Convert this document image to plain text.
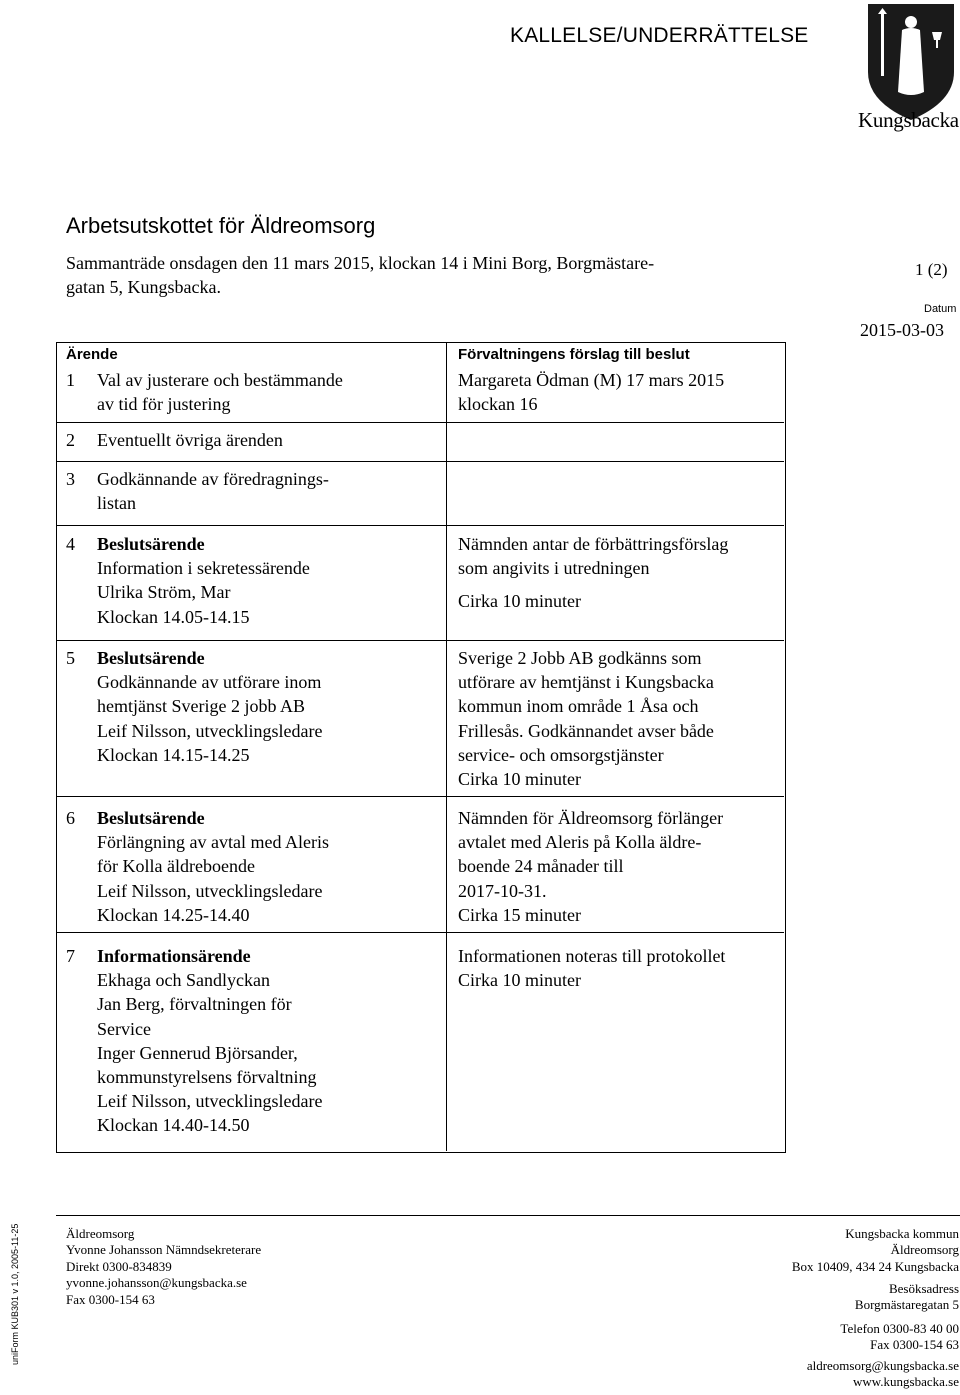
KALLELSE/UNDERRÄTTELSE
Kungsbacka
Arbetsutskottet för Äldreomsorg
Sammanträde onsdagen den 11 mars 2015, klockan 14 i Mini Borg, Borgmästare-
gatan 5, Kungsbacka.
1 (2)
Datum
2015-03-03
Ärende	Förvaltningens förslag till beslut
1 Val av justerare och bestämmande
av tid för justering
Margareta Ödman (M) 17 mars 2015
klockan 16
2 Eventuellt övriga ärenden
3 Godkännande av föredragnings-
listan
4 Beslutsärende
Information i sekretessärende
Ulrika Ström, Mar
Klockan 14.05-14.15
Nämnden antar de förbättringsförslag
som angivits i utredningen
Cirka 10 minuter
5 Beslutsärende
Godkännande av utförare inom
hemtjänst Sverige 2 jobb AB
Leif Nilsson, utvecklingsledare
Klockan 14.15-14.25
Sverige 2 Jobb AB godkänns som
utförare av hemtjänst i Kungsbacka
kommun inom område 1 Åsa och
Frillesås. Godkännandet avser både
service- och omsorgstjänster
Cirka 10 minuter
6 Beslutsärende
Förlängning av avtal med Aleris
för Kolla äldreboende
Leif Nilsson, utvecklingsledare
Klockan 14.25-14.40
Nämnden för Äldreomsorg förlänger
avtalet med Aleris på Kolla äldre-
boende 24 månader till
2017-10-31.
Cirka 15 minuter
7 Informationsärende
Ekhaga och Sandlyckan
Jan Berg, förvaltningen för
Service
Inger Gennerud Björsander,
kommunstyrelsens förvaltning
Leif Nilsson, utvecklingsledare
Klockan 14.40-14.50
Informationen noteras till protokollet
Cirka 10 minuter
Äldreomsorg
Yvonne Johansson Nämndsekreterare
Direkt 0300-834839
yvonne.johansson@kungsbacka.se
Fax 0300-154 63
Kungsbacka kommun
Äldreomsorg
Box 10409, 434 24 Kungsbacka
Besöksadress
Borgmästaregatan 5
Telefon 0300-83 40 00
Fax 0300-154 63
aldreomsorg@kungsbacka.se
www.kungsbacka.se
uniForm KUB301 v 1.0, 2005-11-25
